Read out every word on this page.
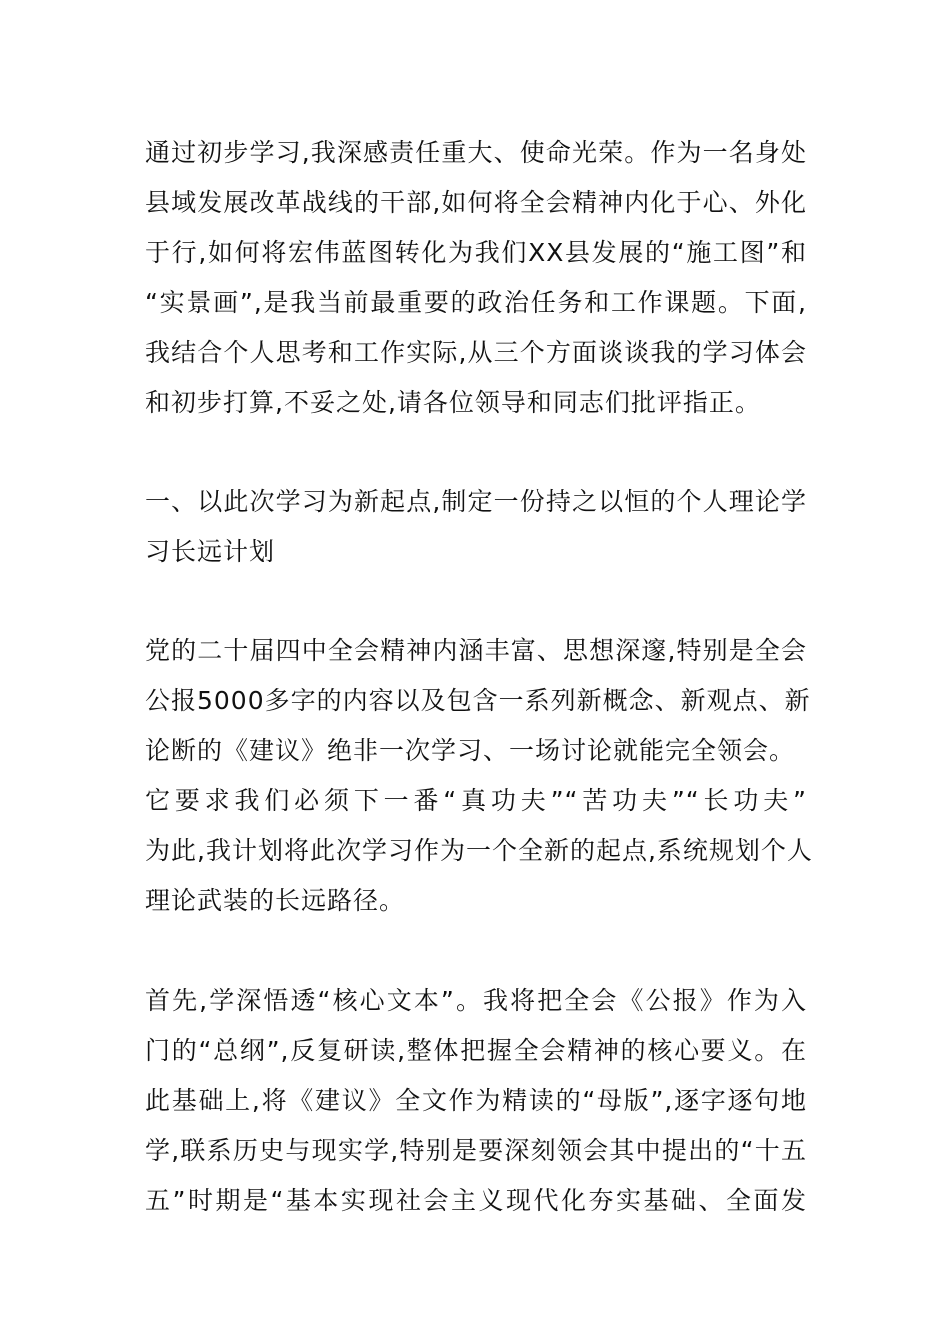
通过初步学习,我深感责任重大、使命光荣。作为一名身处
县域发展改革战线的干部,如何将全会精神内化于心、外化
于行,如何将宏伟蓝图转化为我们XX县发展的“施工图”和
“实景画”,是我当前最重要的政治任务和工作课题。下面,
我结合个人思考和工作实际,从三个方面谈谈我的学习体会
和初步打算,不妥之处,请各位领导和同志们批评指正。
一、以此次学习为新起点,制定一份持之以恒的个人理论学
习长远计划
党的二十届四中全会精神内涵丰富、思想深邃,特别是全会
公报5000多字的内容以及包含一系列新概念、新观点、新
论断的《建议》绝非一次学习、一场讨论就能完全领会。
它要求我们必须下一番“真功夫”“苦功夫”“长功夫”
为此,我计划将此次学习作为一个全新的起点,系统规划个人
理论武装的长远路径。
首先,学深悟透“核心文本”。我将把全会《公报》作为入
门的“总纲”,反复研读,整体把握全会精神的核心要义。在
此基础上,将《建议》全文作为精读的“母版”,逐字逐句地
学,联系历史与现实学,特别是要深刻领会其中提出的“十五
五”时期是“基本实现社会主义现代化夯实基础、全面发
